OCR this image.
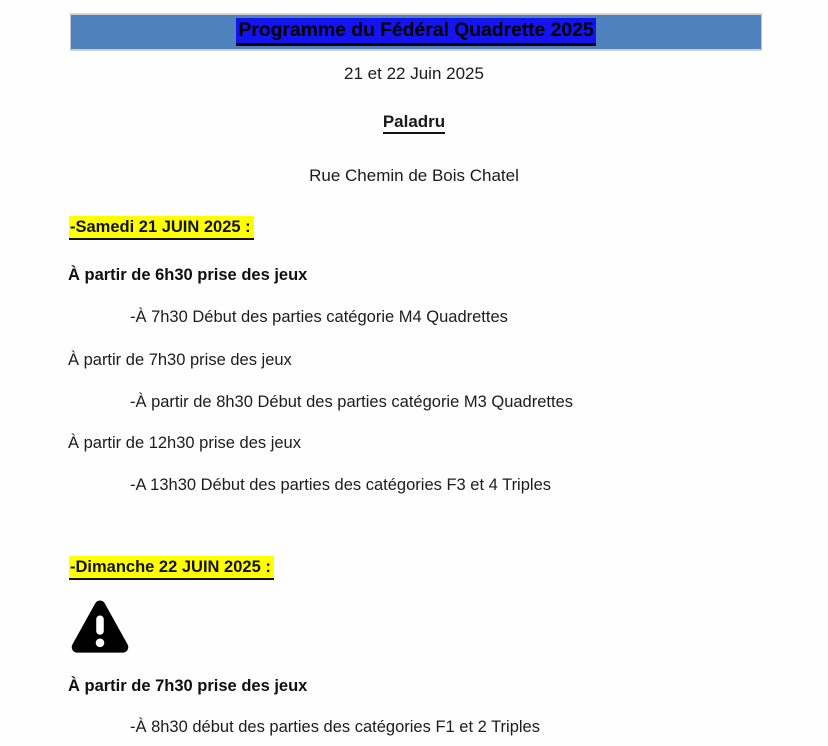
Programme du Fédéral Quadrette 2025
21 et 22 Juin 2025
Paladru
Rue Chemin de Bois Chatel
-Samedi 21 JUIN 2025 :
À partir de 6h30 prise des jeux
-À 7h30 Début des parties catégorie M4 Quadrettes
À partir de 7h30 prise des jeux
-À partir de 8h30 Début des parties catégorie M3 Quadrettes
À partir de 12h30 prise des jeux
-A 13h30 Début des parties des catégories F3 et 4 Triples
-Dimanche 22 JUIN 2025 :
À partir de 7h30 prise des jeux
-À 8h30 début des parties des catégories F1 et 2 Triples
